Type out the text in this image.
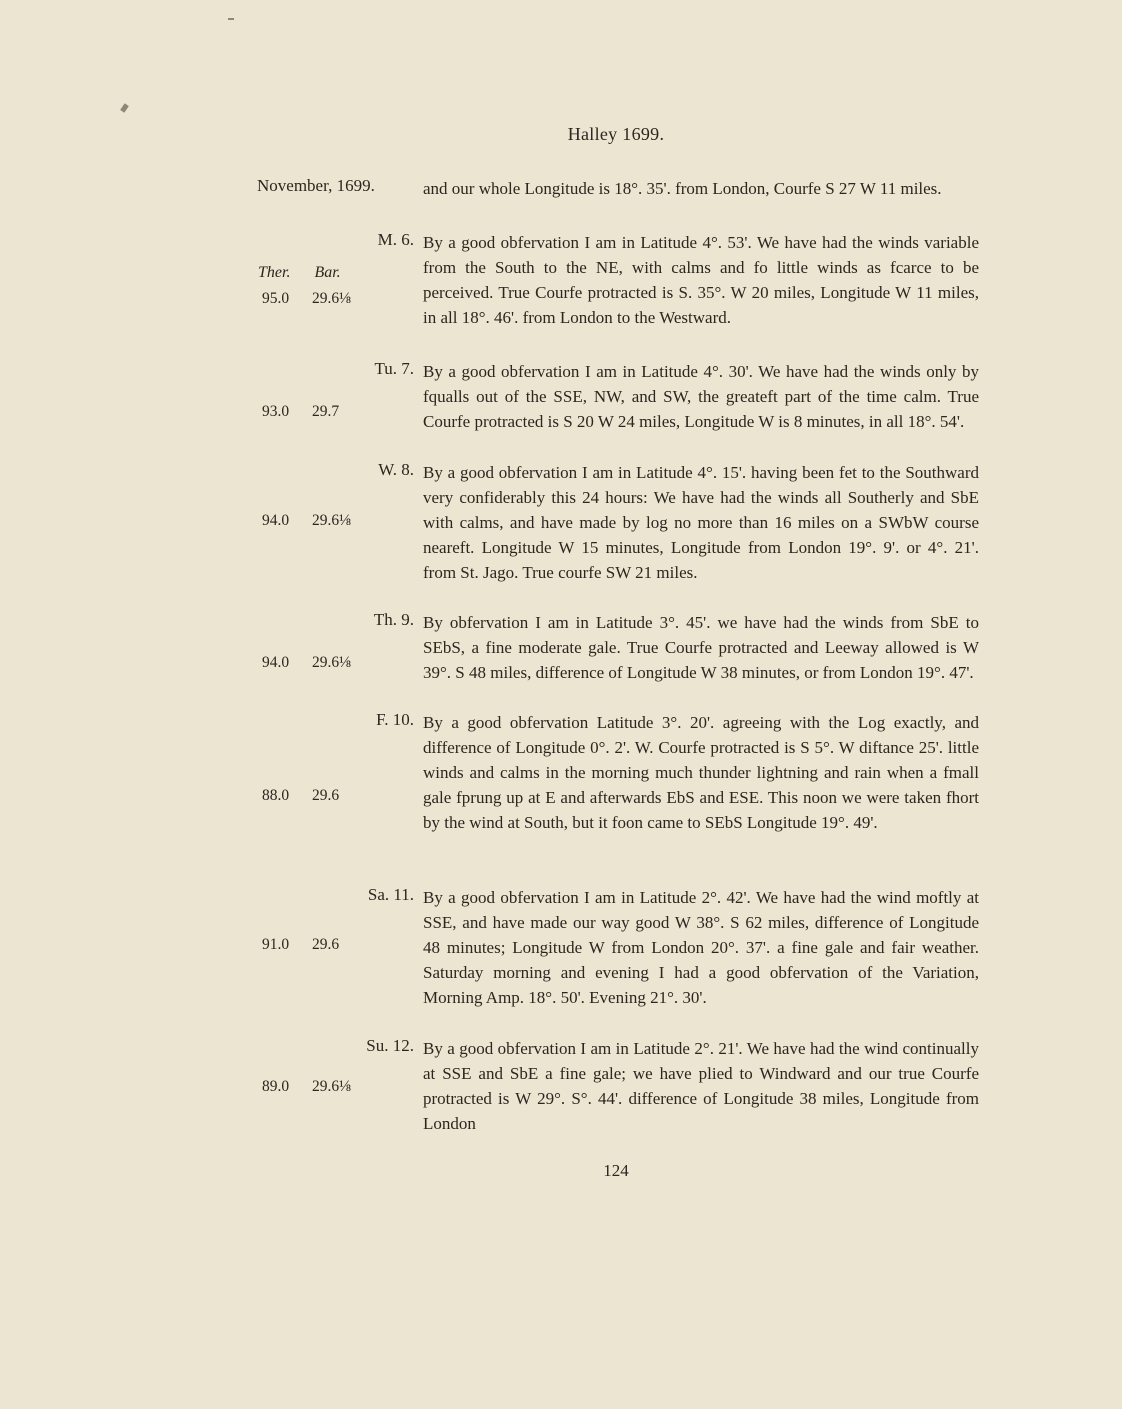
Halley 1699.
November, 1699.	and our whole Longitude is 18°. 35'. from London, Courfe S 27 W 11 miles.
Ther. Bar.
M. 6.
95.0 29.6⅛
By a good obfervation I am in Latitude 4°. 53'. We have had the winds variable from the South to the NE, with calms and fo little winds as fcarce to be perceived. True Courfe protracted is S. 35°. W 20 miles, Longitude W 11 miles, in all 18°. 46'. from London to the Westward.
Tu. 7.
93.0 29.7
By a good obfervation I am in Latitude 4°. 30'. We have had the winds only by fqualls out of the SSE, NW, and SW, the greateft part of the time calm. True Courfe protracted is S 20 W 24 miles, Longitude W is 8 minutes, in all 18°. 54'.
W. 8.
94.0 29.6⅛
By a good obfervation I am in Latitude 4°. 15'. having been fet to the Southward very confiderably this 24 hours: We have had the winds all Southerly and SbE with calms, and have made by log no more than 16 miles on a SWbW course neareft. Longitude W 15 minutes, Longitude from London 19°. 9'. or 4°. 21'. from St. Jago. True courfe SW 21 miles.
Th. 9.
94.0 29.6⅛
By obfervation I am in Latitude 3°. 45'. we have had the winds from SbE to SEbS, a fine moderate gale. True Courfe protracted and Leeway allowed is W 39°. S 48 miles, difference of Longitude W 38 minutes, or from London 19°. 47'.
F. 10.
88.0 29.6
By a good obfervation Latitude 3°. 20'. agreeing with the Log exactly, and difference of Longitude 0°. 2'. W. Courfe protracted is S 5°. W diftance 25'. little winds and calms in the morning much thunder lightning and rain when a fmall gale fprung up at E and afterwards EbS and ESE. This noon we were taken fhort by the wind at South, but it foon came to SEbS Longitude 19°. 49'.
Sa. 11.
91.0 29.6
By a good obfervation I am in Latitude 2°. 42'. We have had the wind moftly at SSE, and have made our way good W 38°. S 62 miles, difference of Longitude 48 minutes; Longitude W from London 20°. 37'. a fine gale and fair weather. Saturday morning and evening I had a good obfervation of the Variation, Morning Amp. 18°. 50'. Evening 21°. 30'.
Su. 12.
89.0 29.6⅛
By a good obfervation I am in Latitude 2°. 21'. We have had the wind continually at SSE and SbE a fine gale; we have plied to Windward and our true Courfe protracted is W 29°. S°. 44'. difference of Longitude 38 miles, Longitude from London
124
